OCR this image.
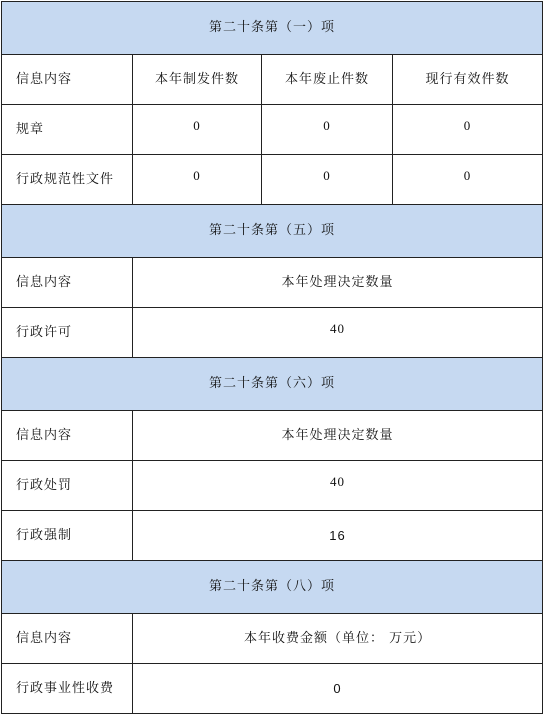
第二十条第（一）项			
信息内容	本年制发件数	本年废止件数	现行有效件数
规章	0	0	0
行政规范性文件	0	0	0
第二十条第（五）项			
信息内容	本年处理决定数量		
行政许可	40		
第二十条第（六）项			
信息内容	本年处理决定数量		
行政处罚	40		
行政强制	16		
第二十条第（八）项			
信息内容	本年收费金额（单位： 万元）		
行政事业性收费	0		
